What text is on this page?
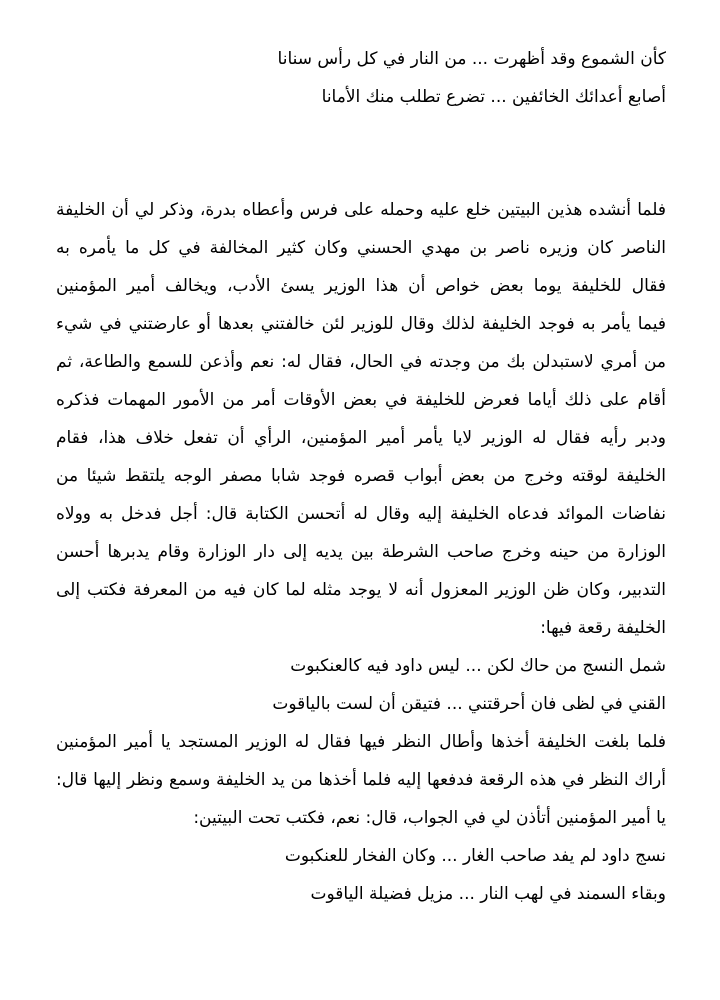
كأن الشموع وقد أظهرت ... من النار في كل رأس سنانا
أصابع أعدائك الخائفين ... تضرع تطلب منك الأمانا
فلما أنشده هذين البيتين خلع عليه وحمله على فرس وأعطاه بدرة، وذكر لي أن الخليفة
الناصر كان وزيره ناصر بن مهدي الحسني وكان كثير المخالفة في كل ما يأمره به
فقال للخليفة يوما بعض خواص أن هذا الوزير يسئ الأدب، ويخالف أمير المؤمنين
فيما يأمر به فوجد الخليفة لذلك وقال للوزير لئن خالفتني بعدها أو عارضتني في شيء
من أمري لاستبدلن بك من وجدته في الحال، فقال له: نعم وأذعن للسمع والطاعة، ثم
أقام على ذلك أياما فعرض للخليفة في بعض الأوقات أمر من الأمور المهمات فذكره
ودبر رأيه فقال له الوزير لايا يأمر أمير المؤمنين، الرأي أن تفعل خلاف هذا، فقام
الخليفة لوقته وخرج من بعض أبواب قصره فوجد شابا مصفر الوجه يلتقط شيئا من
نفاضات الموائد فدعاه الخليفة إليه وقال له أتحسن الكتابة قال: أجل فدخل به وولاه
الوزارة من حينه وخرج صاحب الشرطة بين يديه إلى دار الوزارة وقام يدبرها أحسن
التدبير، وكان ظن الوزير المعزول أنه لا يوجد مثله لما كان فيه من المعرفة فكتب إلى
الخليفة رقعة فيها:
شمل النسج من حاك لكن ... ليس داود فيه كالعنكبوت
القني في لظى فان أحرقتني ... فتيقن أن لست بالياقوت
فلما بلغت الخليفة أخذها وأطال النظر فيها فقال له الوزير المستجد يا أمير المؤمنين
أراك النظر في هذه الرقعة فدفعها إليه فلما أخذها من يد الخليفة وسمع ونظر إليها قال:
يا أمير المؤمنين أتأذن لي في الجواب، قال: نعم، فكتب تحت البيتين:
نسج داود لم يفد صاحب الغار ... وكان الفخار للعنكبوت
وبقاء السمند في لهب النار ... مزيل فضيلة الياقوت
